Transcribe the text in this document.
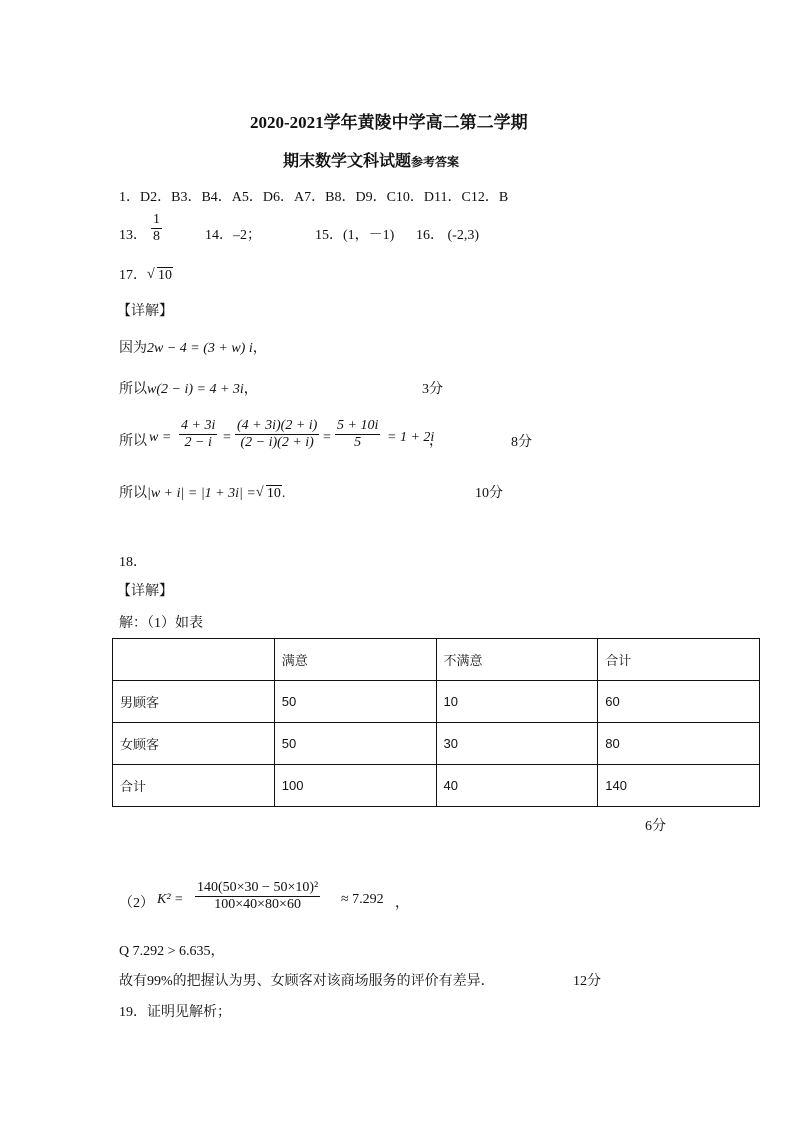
2020-2021学年黄陵中学高二第二学期
期末数学文科试题参考答案
1．D2．B3．B4．A5．D6．A7．B8．D9．C10．D11．C12．B
13． $\frac{1}{8}$	14．–2；	15．(1，－1) 16． (-2,3)
17． √ 10
【详解】
因为2w − 4 = (3 + w) i，
所以w(2 − i) = 4 + 3i，	3分
所以 $w = \frac{4 + 3i}{2 - i} = \frac{(4 + 3i)(2 + i)}{(2 - i)(2 + i)} = \frac{5 + 10i}{5} = 1 + 2i$
，	8分
所以|w + i| = |1 + 3i| = √ 10.	10分
18．
【详解】
解：（1）如表
	满意	不满意	合计
男顾客	50	10	60
女顾客	50	30	80
合计	100	40	140
6分
（2） $K^2 = \frac{\text{140(50×30 − 50×10)²}}{100\times 40\times 80\times 60} \approx 7.292$ ，
Q 7.292 > 6.635，
故有99%的把握认为男、女顾客对该商场服务的评价有差异．	12分
19．证明见解析；
